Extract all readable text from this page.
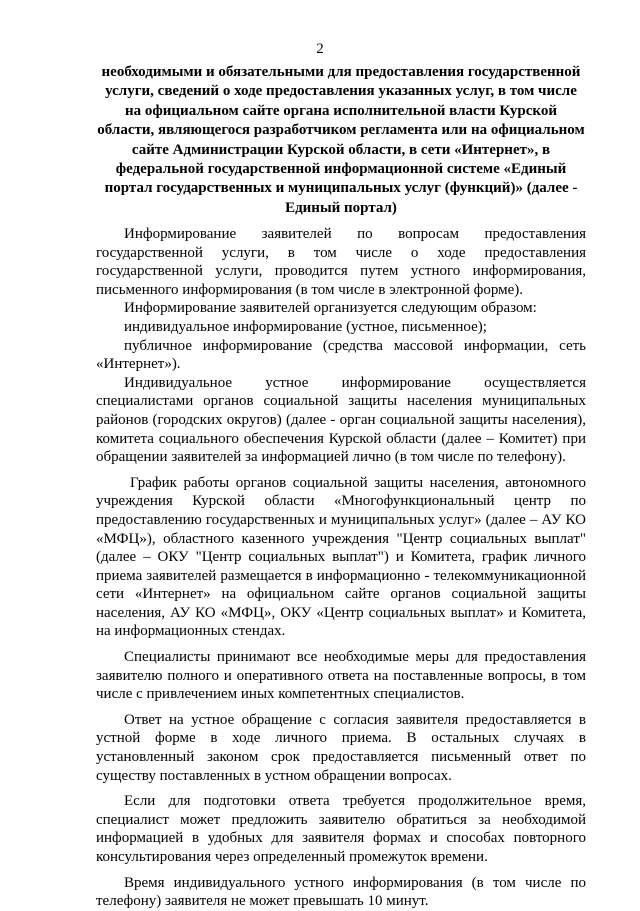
2
необходимыми и обязательными для предоставления государственной услуги, сведений о ходе предоставления указанных услуг, в том числе на официальном сайте органа исполнительной власти Курской области, являющегося разработчиком регламента или на официальном сайте Администрации Курской области, в сети «Интернет», в федеральной государственной информационной системе «Единый портал государственных и муниципальных услуг (функций)» (далее - Единый портал)

Информирование заявителей по вопросам предоставления государственной услуги, в том числе о ходе предоставления государственной услуги, проводится путем устного информирования, письменного информирования (в том числе в электронной форме).

Информирование заявителей организуется следующим образом:

индивидуальное информирование (устное, письменное);

публичное информирование (средства массовой информации, сеть «Интернет»).

Индивидуальное устное информирование осуществляется специалистами органов социальной защиты населения муниципальных районов (городских округов) (далее - орган социальной защиты населения), комитета социального обеспечения Курской области (далее – Комитет) при обращении заявителей за информацией лично (в том числе по телефону).

График работы органов социальной защиты населения, автономного учреждения Курской области «Многофункциональный центр по предоставлению государственных и муниципальных услуг» (далее – АУ КО «МФЦ»), областного казенного учреждения "Центр социальных выплат" (далее – ОКУ "Центр социальных выплат") и Комитета, график личного приема заявителей размещается в информационно - телекоммуникационной сети «Интернет» на официальном сайте органов социальной защиты населения, АУ КО «МФЦ», ОКУ «Центр социальных выплат» и Комитета, на информационных стендах.

Специалисты принимают все необходимые меры для предоставления заявителю полного и оперативного ответа на поставленные вопросы, в том числе с привлечением иных компетентных специалистов.

Ответ на устное обращение с согласия заявителя предоставляется в устной форме в ходе личного приема. В остальных случаях в установленный законом срок предоставляется письменный ответ по существу поставленных в устном обращении вопросах.

Если для подготовки ответа требуется продолжительное время, специалист может предложить заявителю обратиться за необходимой информацией в удобных для заявителя формах и способах повторного консультирования через определенный промежуток времени.

Время индивидуального устного информирования (в том числе по телефону) заявителя не может превышать 10 минут.
